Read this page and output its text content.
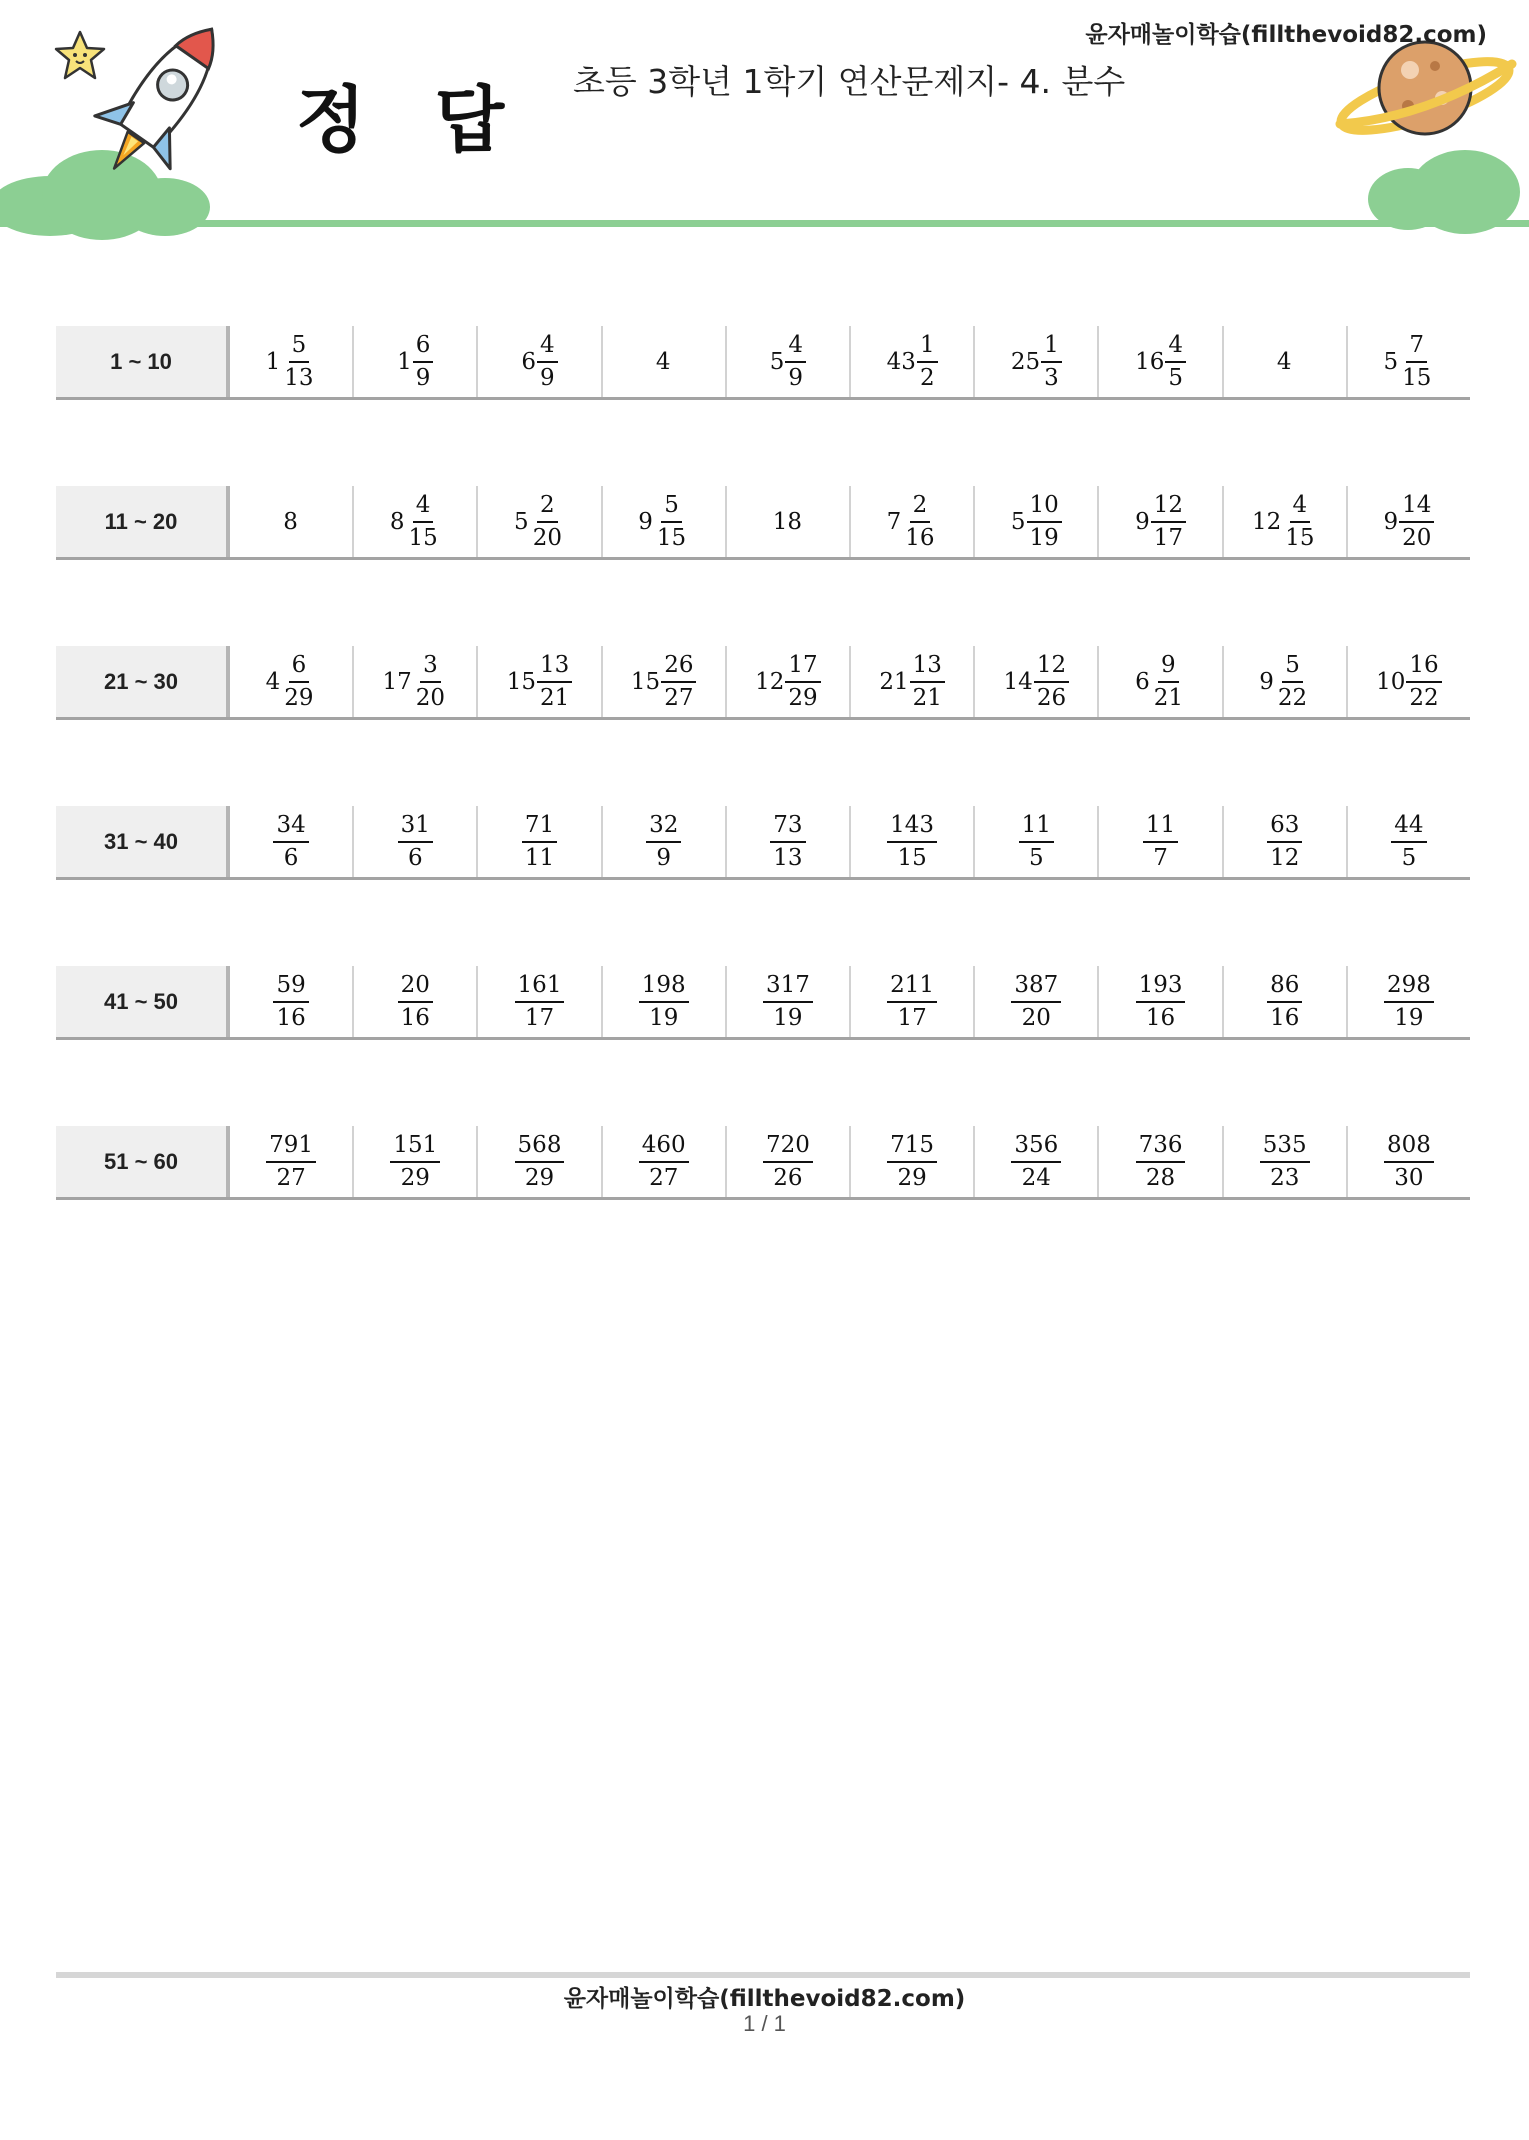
정 답 초등 3학년 1학기 연산문제지- 4. 분수
윤자매놀이학습(fillthevoid82.com)
1 ~ 10	$1 \frac{5}{13}$	$1 \frac{6}{9}$	$6 \frac{4}{9}$	4	$5 \frac{4}{9}$	$43 \frac{1}{2}$	$25 \frac{1}{3}$	$16 \frac{4}{5}$	4	$5 \frac{7}{15}$
11 ~ 20	8	$8 \frac{4}{15}$	$5 \frac{2}{20}$	$9 \frac{5}{15}$	18	$7 \frac{2}{16}$	$5 \frac{10}{19}$	$9 \frac{12}{17}$	$12 \frac{4}{15}$	$9 \frac{14}{20}$
21 ~ 30	$4 \frac{6}{29}$	$17 \frac{3}{20}$	$15 \frac{13}{21}$	$15 \frac{26}{27}$	$12 \frac{17}{29}$	$21 \frac{13}{21}$	$14 \frac{12}{26}$	$6 \frac{9}{21}$	$9 \frac{5}{22}$	$10 \frac{16}{22}$
31 ~ 40	$\frac{34}{6}$	$\frac{31}{6}$	$\frac{71}{11}$	$\frac{32}{9}$	$\frac{73}{13}$	$\frac{143}{15}$	$\frac{11}{5}$	$\frac{11}{7}$	$\frac{63}{12}$	$\frac{44}{5}$
41 ~ 50	$\frac{59}{16}$	$\frac{20}{16}$	$\frac{161}{17}$	$\frac{198}{19}$	$\frac{317}{19}$	$\frac{211}{17}$	$\frac{387}{20}$	$\frac{193}{16}$	$\frac{86}{16}$	$\frac{298}{19}$
51 ~ 60	$\frac{791}{27}$	$\frac{151}{29}$	$\frac{568}{29}$	$\frac{460}{27}$	$\frac{720}{26}$	$\frac{715}{29}$	$\frac{356}{24}$	$\frac{736}{28}$	$\frac{535}{23}$	$\frac{808}{30}$
윤자매놀이학습(fillthevoid82.com)
1 / 1
